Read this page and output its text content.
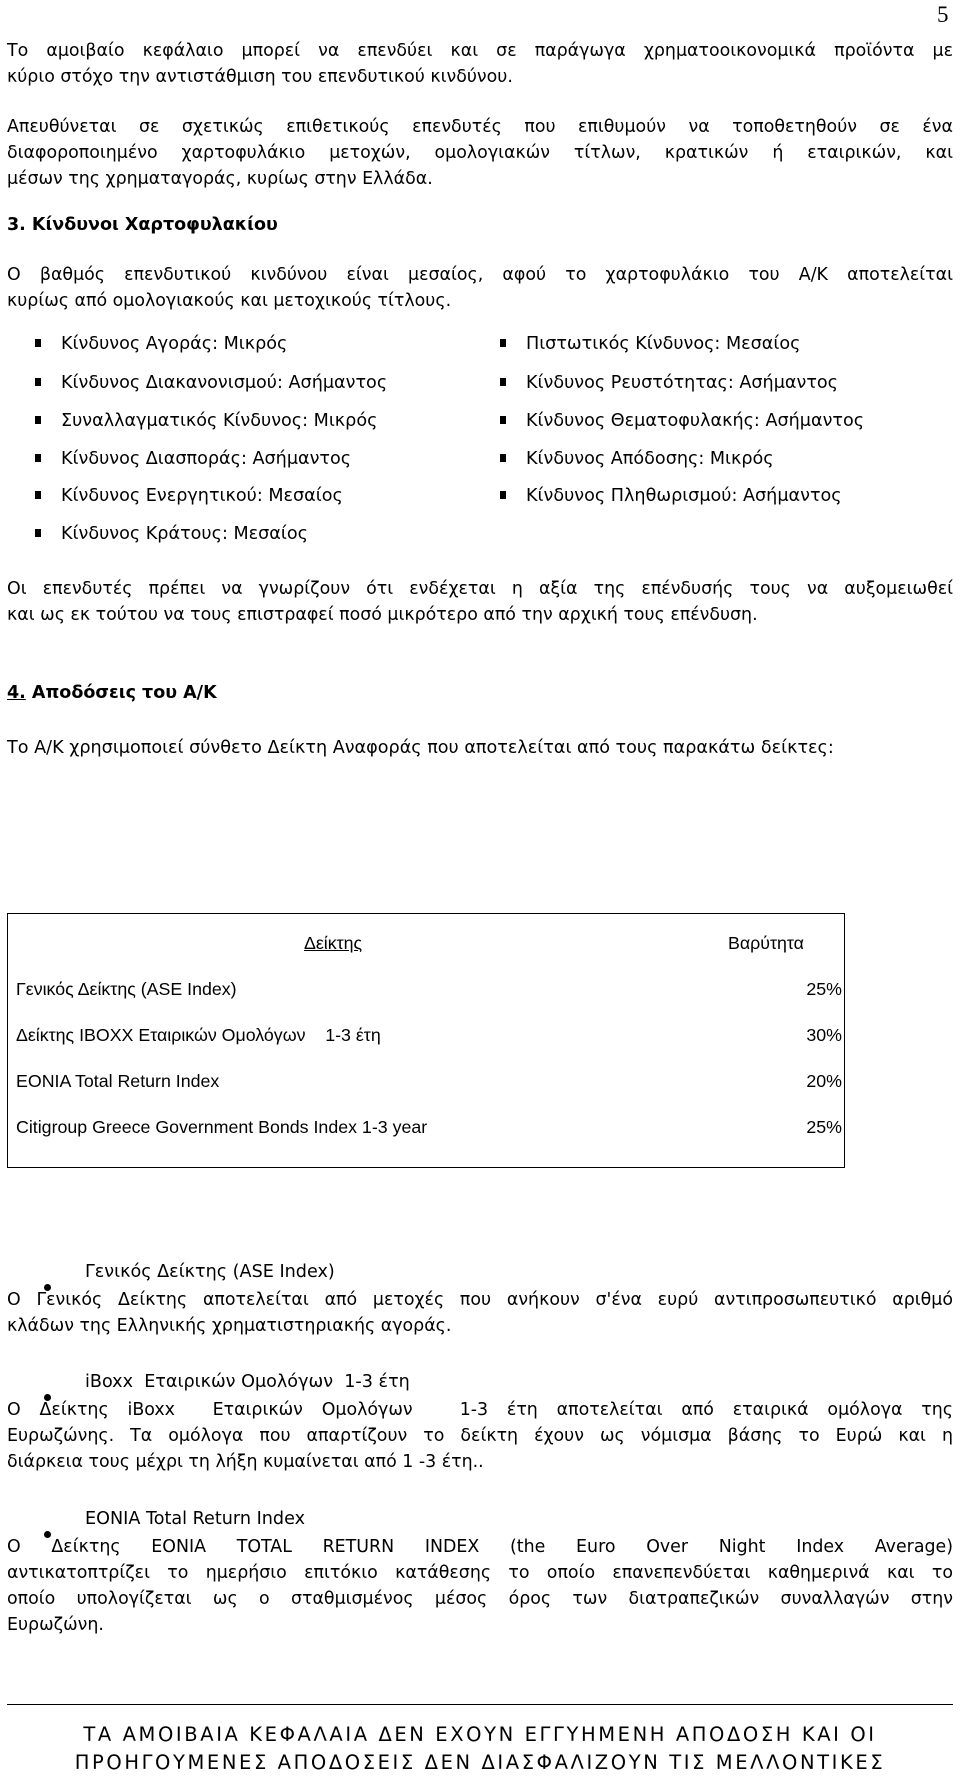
5
Το αμοιβαίο κεφάλαιο μπορεί να επενδύει και σε παράγωγα χρηματοοικονομικά προϊόντα με
κύριο στόχο την αντιστάθμιση του επενδυτικού κινδύνου.
Απευθύνεται σε σχετικώς επιθετικούς επενδυτές που επιθυμούν να τοποθετηθούν σε ένα
διαφοροποιημένο χαρτοφυλάκιο μετοχών, ομολογιακών τίτλων, κρατικών ή εταιρικών, και
μέσων της χρηματαγοράς, κυρίως στην Ελλάδα.
3. Κίνδυνοι Χαρτοφυλακίου
Ο βαθμός επενδυτικού κινδύνου είναι μεσαίος, αφού το χαρτοφυλάκιο του Α/Κ αποτελείται
κυρίως από ομολογιακούς και μετοχικούς τίτλους.
Κίνδυνος Αγοράς: Μικρός
Κίνδυνος Διακανονισμού: Ασήμαντος
Συναλλαγματικός Κίνδυνος: Μικρός
Κίνδυνος Διασποράς: Ασήμαντος
Κίνδυνος Ενεργητικού: Μεσαίος
Κίνδυνος Κράτους: Μεσαίος
Πιστωτικός Κίνδυνος: Μεσαίος
Κίνδυνος Ρευστότητας: Ασήμαντος
Κίνδυνος Θεματοφυλακής: Ασήμαντος
Κίνδυνος Απόδοσης: Μικρός
Κίνδυνος Πληθωρισμού: Ασήμαντος
Οι επενδυτές πρέπει να γνωρίζουν ότι ενδέχεται η αξία της επένδυσής τους να αυξομειωθεί
και ως εκ τούτου να τους επιστραφεί ποσό μικρότερο από την αρχική τους επένδυση.
4. Αποδόσεις του Α/Κ
Το Α/Κ χρησιμοποιεί σύνθετο Δείκτη Αναφοράς που αποτελείται από τους παρακάτω δείκτες:
Δείκτης	Βαρύτητα
Γενικός Δείκτης (ASE Index)	25%
Δείκτης IBOXX Εταιρικών Ομολόγων    1-3 έτη	30%
EONIA Total Return Index	20%
Citigroup Greece Government Bonds Index 1-3 year	25%
Γενικός Δείκτης (ASE Index)
Ο Γενικός Δείκτης αποτελείται από μετοχές που ανήκουν σ'ένα ευρύ αντιπροσωπευτικό αριθμό
κλάδων της Ελληνικής χρηματιστηριακής αγοράς.
iBoxx  Εταιρικών Ομολόγων  1-3 έτη
Ο  Δείκτης  iBoxx    Εταιρικών  Ομολόγων     1-3  έτη  αποτελείται  από  εταιρικά  ομόλογα  της
Ευρωζώνης. Τα ομόλογα που απαρτίζουν το δείκτη έχουν ως νόμισμα βάσης το Ευρώ και η
διάρκεια τους μέχρι τη λήξη κυμαίνεται από 1 -3 έτη..
EONIA Total Return Index
Ο  Δείκτης  EONIA  TOTAL  RETURN  INDEX  (the  Euro  Over  Night  Index  Average)
αντικατοπτρίζει το ημερήσιο επιτόκιο κατάθεσης το οποίο επανεπενδύεται καθημερινά και το
οποίο υπολογίζεται ως ο σταθμισμένος μέσος όρος των διατραπεζικών συναλλαγών στην
Ευρωζώνη.
ΤΑ ΑΜΟΙΒΑΙΑ ΚΕΦΑΛΑΙΑ ΔΕΝ ΕΧΟΥΝ ΕΓΓΥΗΜΕΝΗ ΑΠΟΔΟΣΗ ΚΑΙ ΟΙ
ΠΡΟΗΓΟΥΜΕΝΕΣ ΑΠΟΔΟΣΕΙΣ ΔΕΝ ΔΙΑΣΦΑΛΙΖΟΥΝ ΤΙΣ ΜΕΛΛΟΝΤΙΚΕΣ
